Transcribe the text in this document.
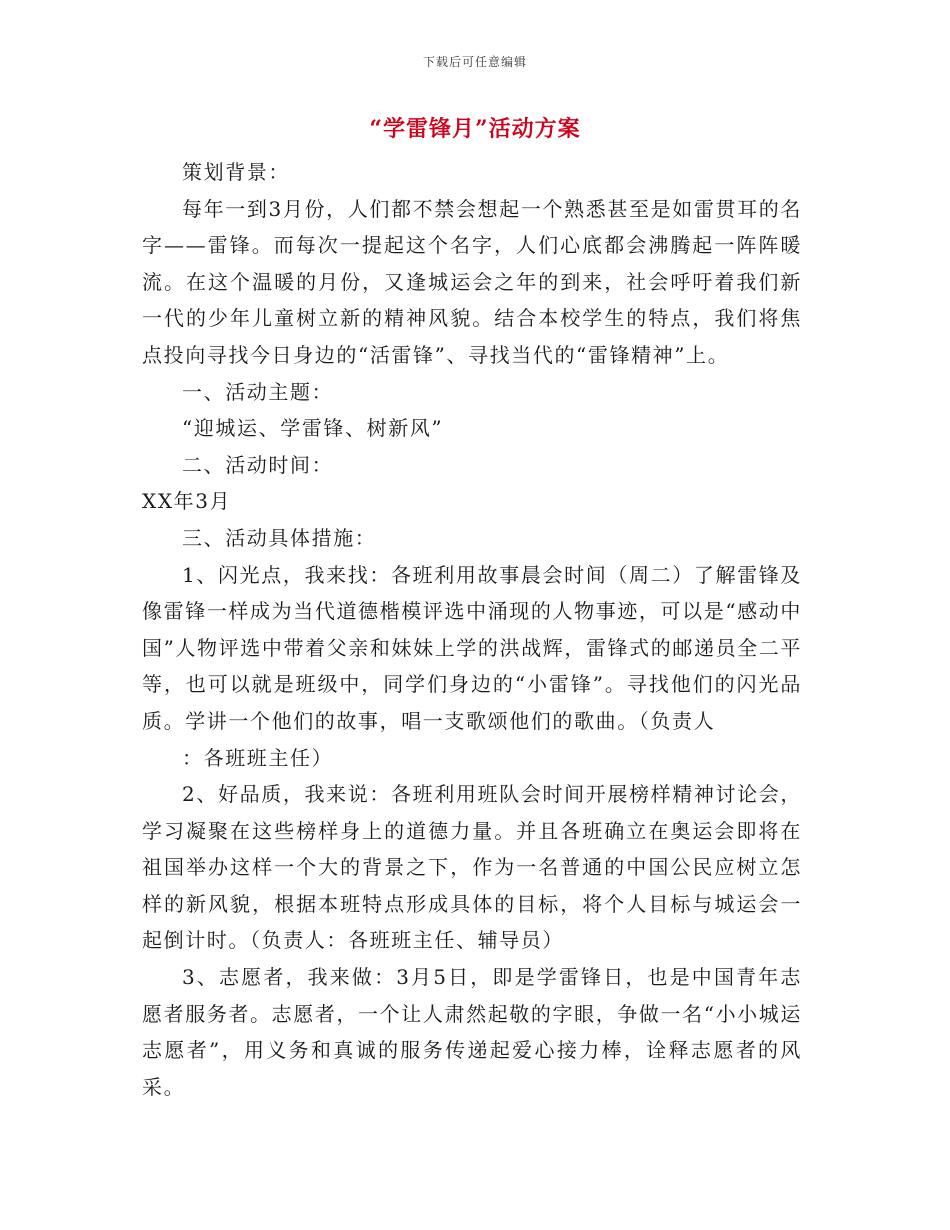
下载后可任意编辑
“学雷锋月”活动方案

策划背景：

每年一到3月份，人们都不禁会想起一个熟悉甚至是如雷贯耳的名字——雷锋。而每次一提起这个名字，人们心底都会沸腾起一阵阵暖流。在这个温暖的月份，又逢城运会之年的到来，社会呼吁着我们新一代的少年儿童树立新的精神风貌。结合本校学生的特点，我们将焦点投向寻找今日身边的“活雷锋”、寻找当代的“雷锋精神”上。

一、活动主题：

“迎城运、学雷锋、树新风”

二、活动时间：

XX年3月

三、活动具体措施：

1、闪光点，我来找：各班利用故事晨会时间（周二）了解雷锋及像雷锋一样成为当代道德楷模评选中涌现的人物事迹，可以是“感动中国”人物评选中带着父亲和妹妹上学的洪战辉，雷锋式的邮递员全二平等，也可以就是班级中，同学们身边的“小雷锋”。寻找他们的闪光品质。学讲一个他们的故事，唱一支歌颂他们的歌曲。（负责人

：各班班主任）

2、好品质，我来说：各班利用班队会时间开展榜样精神讨论会，学习凝聚在这些榜样身上的道德力量。并且各班确立在奥运会即将在祖国举办这样一个大的背景之下，作为一名普通的中国公民应树立怎样的新风貌，根据本班特点形成具体的目标，将个人目标与城运会一起倒计时。（负责人：各班班主任、辅导员）

3、志愿者，我来做：3月5日，即是学雷锋日，也是中国青年志愿者服务者。志愿者，一个让人肃然起敬的字眼，争做一名“小小城运志愿者”，用义务和真诚的服务传递起爱心接力棒，诠释志愿者的风采。
